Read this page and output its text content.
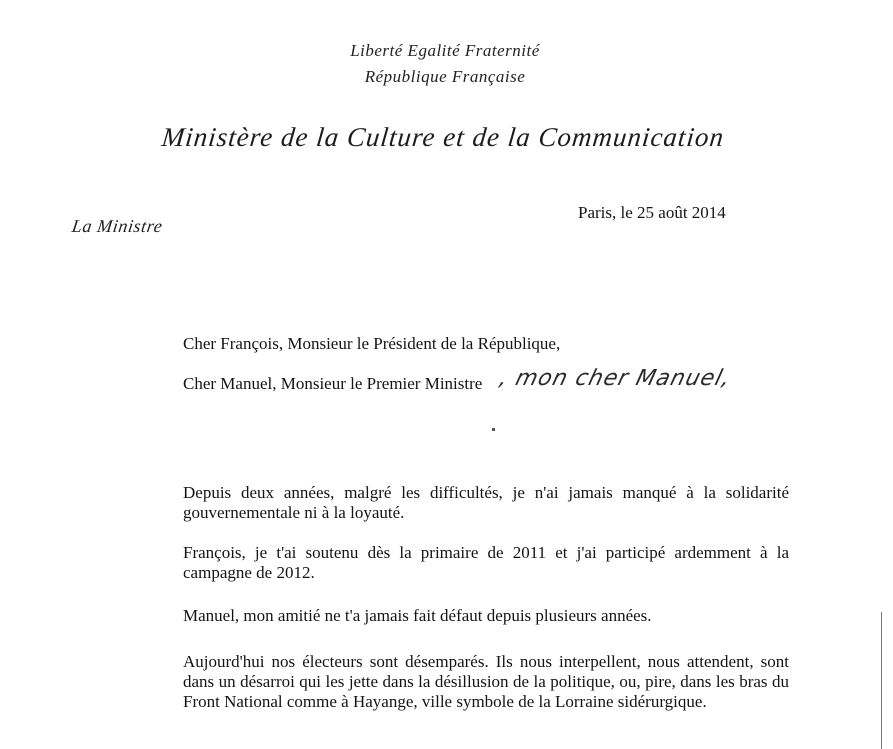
Liberté Egalité Fraternité
République Française
Ministère de la Culture et de la Communication
La Ministre
Paris, le 25 août 2014
Cher François, Monsieur le Président de la République,
Cher Manuel, Monsieur le Premier Ministre , mon cher Manuel,

Depuis deux années, malgré les difficultés, je n'ai jamais manqué à la solidarité gouvernementale ni à la loyauté.

François, je t'ai soutenu dès la primaire de 2011 et j'ai participé ardemment à la campagne de 2012.

Manuel, mon amitié ne t'a jamais fait défaut depuis plusieurs années.

Aujourd'hui nos électeurs sont désemparés. Ils nous interpellent, nous attendent, sont dans un désarroi qui les jette dans la désillusion de la politique, ou, pire, dans les bras du Front National comme à Hayange, ville symbole de la Lorraine sidérurgique.
